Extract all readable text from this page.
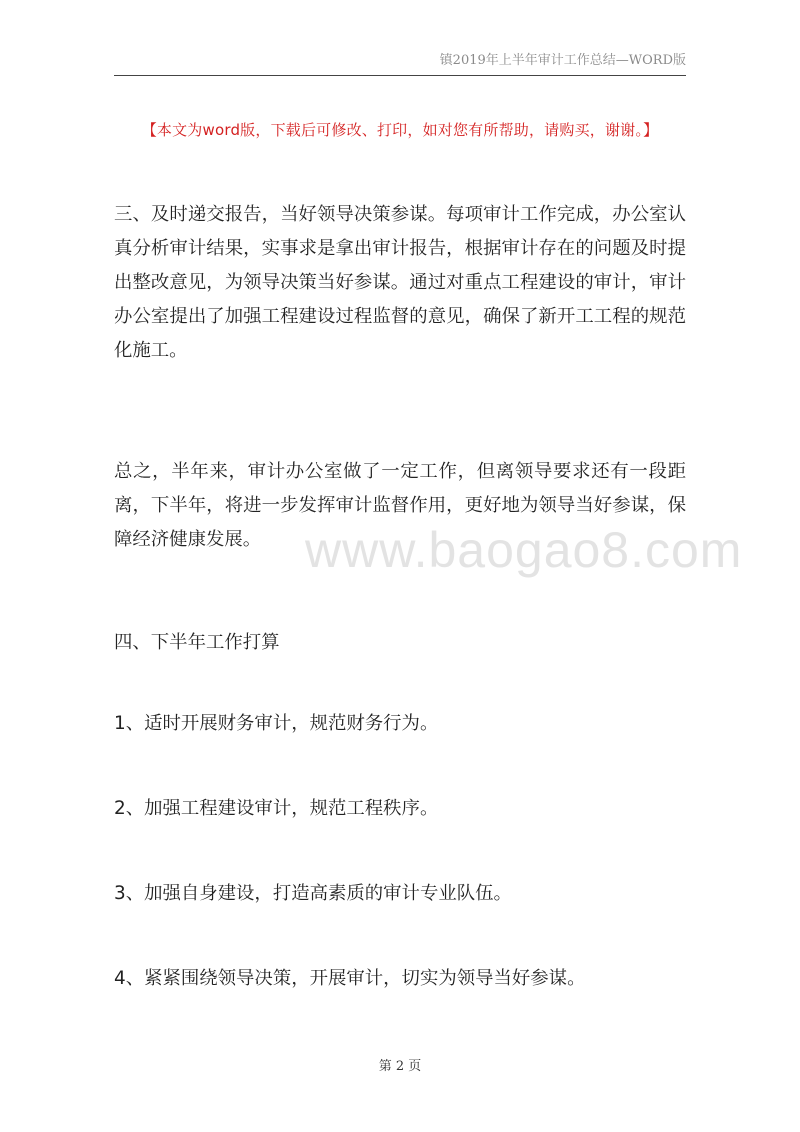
镇2019年上半年审计工作总结—WORD版
【本文为word版，下载后可修改、打印，如对您有所帮助，请购买，谢谢。】

三、及时递交报告，当好领导决策参谋。每项审计工作完成，办公室认真分析审计结果，实事求是拿出审计报告，根据审计存在的问题及时提出整改意见，为领导决策当好参谋。通过对重点工程建设的审计，审计办公室提出了加强工程建设过程监督的意见，确保了新开工工程的规范化施工。

总之，半年来，审计办公室做了一定工作，但离领导要求还有一段距离，下半年，将进一步发挥审计监督作用，更好地为领导当好参谋，保障经济健康发展。 www.baogao8.com

四、下半年工作打算

1、适时开展财务审计，规范财务行为。

2、加强工程建设审计，规范工程秩序。

3、加强自身建设，打造高素质的审计专业队伍。

4、紧紧围绕领导决策，开展审计，切实为领导当好参谋。

第 2 页
